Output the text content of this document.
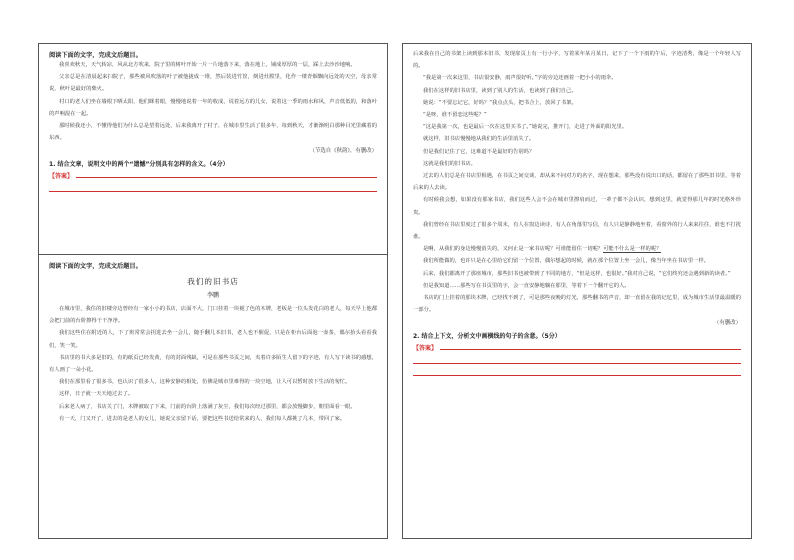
阅读下面的文字，完成文后题目。

我喜欢秋天，天气转凉，风从北方吹来，院子里的树叶开始一片一片地落下来，落在地上，铺成厚厚的一层，踩上去沙沙地响。

父亲总是在清晨起来扫院子，那些被风吹落的叶子被他拢成一堆，然后装进竹筐，倒进灶膛里，化作一缕青烟飘向远处的天空，母亲常说，秋叶是最好的柴火。

村口的老人们坐在墙根下晒太阳，他们眯着眼，慢慢地说着一年的收成，说着远方的儿女，说着这一季的雨水和风，声音低低的，和落叶的声响混在一起。

那时候我还小，不懂得他们为什么总是望着远处，后来我离开了村子，在城市里生活了很多年，每到秋天，才渐渐明白那种目光里藏着的东西。

（节选自《秋韵》，有删改）
1. 结合文章，说明文中的两个“遗憾”分别具有怎样的含义。（4分）
【答案】
阅读下面的文字，完成文后题目。
我们的旧书店
李鹏

在城市里，我住的旧楼旁边曾经有一家小小的书店，店面不大，门口挂着一块褪了色的木牌，老板是一位头发花白的老人，每天早上他都会把门前的台阶擦得干干净净。

我们这些住在附近的人，下了班常常会拐进去坐一会儿，随手翻几本旧书，老人也不催促，只是在柜台后面泡一壶茶，偶尔抬头看看我们，笑一笑。

书店里的书大多是旧的，有的纸页已经发黄，有的封面残缺，可是在那些书页之间，夹着许多陌生人留下的字迹，有人写下读书的感想，有人画了一朵小花。

我们在那里看了很多书，也认识了很多人，这种安静的相处，仿佛是城市里难得的一块空地，让人可以暂时放下生活的匆忙。

这样，日子就一天天地过去了。

后来老人病了，书店关了门，木牌被取了下来，门前的台阶上落满了灰尘，我们每次经过那里，都会放慢脚步，朝里面看一眼。

有一天，门又开了，进去的是老人的女儿，她说父亲留下话，要把这些书送给常来的人，我们每人都挑了几本，带回了家。

后来我在自己的书架上读到那本旧书，发现扉页上有一行小字，写着某年某月某日，记下了一个下雨的午后，字迹清秀，像是一个年轻人写的。

“我是第一次来这里，书店很安静，雨声很好听。”字的旁边还画着一把小小的雨伞。

我们在这样的旧书店里，读到了别人的生活，也读到了我们自己。

她说：“不要忘记它，好吗？”我点点头，把书合上，放回了书架。

“是呀，谁不留恋这些呢？”

“这是我第一次，也是最后一次在这里买书了。”她说完，推开门，走进了外面的阳光里。

就这样，旧书店慢慢地从我们的生活里消失了。

但是我们记住了它，这难道不是最好的告别吗？

这就是我们的旧书店。

过去的人们总是在书店里相遇，在书页之间交谈，却从来不问对方的名字，现在想来，那些没有说出口的话，都留在了那些旧书里，等着后来的人去读。

有时候我会想，如果没有那家书店，我们这些人会不会在城市里擦肩而过，一辈子都不会认识，想到这里，就觉得那几年的时光格外珍贵。

我们曾经在书店里度过了很多个周末，有人在窗边读诗，有人在角落里写信，有人只是静静地坐着，看窗外的行人来来往往，谁也不打扰谁。

是啊，从我们的身边慢慢消失的，又何止是一家书店呢？可谁能留住一切呢？可能不什么是一样的呢？

我们所能做的，也许只是在心里给它们留一个位置，偶尔想起的时候，就在那个位置上坐一会儿，像当年坐在书店里一样。

后来，我们都离开了那座城市，那些旧书也被带到了不同的地方，“但是这样，也很好。”我对自己说，“它们终究还会遇到新的读者。”

但是我知道……那些写在书页里的字，会一直安静地躺在那里，等着下一个翻开它的人。

书店的门上挂着的那块木牌，已经找不到了，可是那些夜晚的灯光，那些翻书的声音，却一直留在我的记忆里，成为城市生活里最温暖的一部分。

（有删改）
2. 结合上下文，分析文中画横线的句子的含意。（5分）
【答案】
